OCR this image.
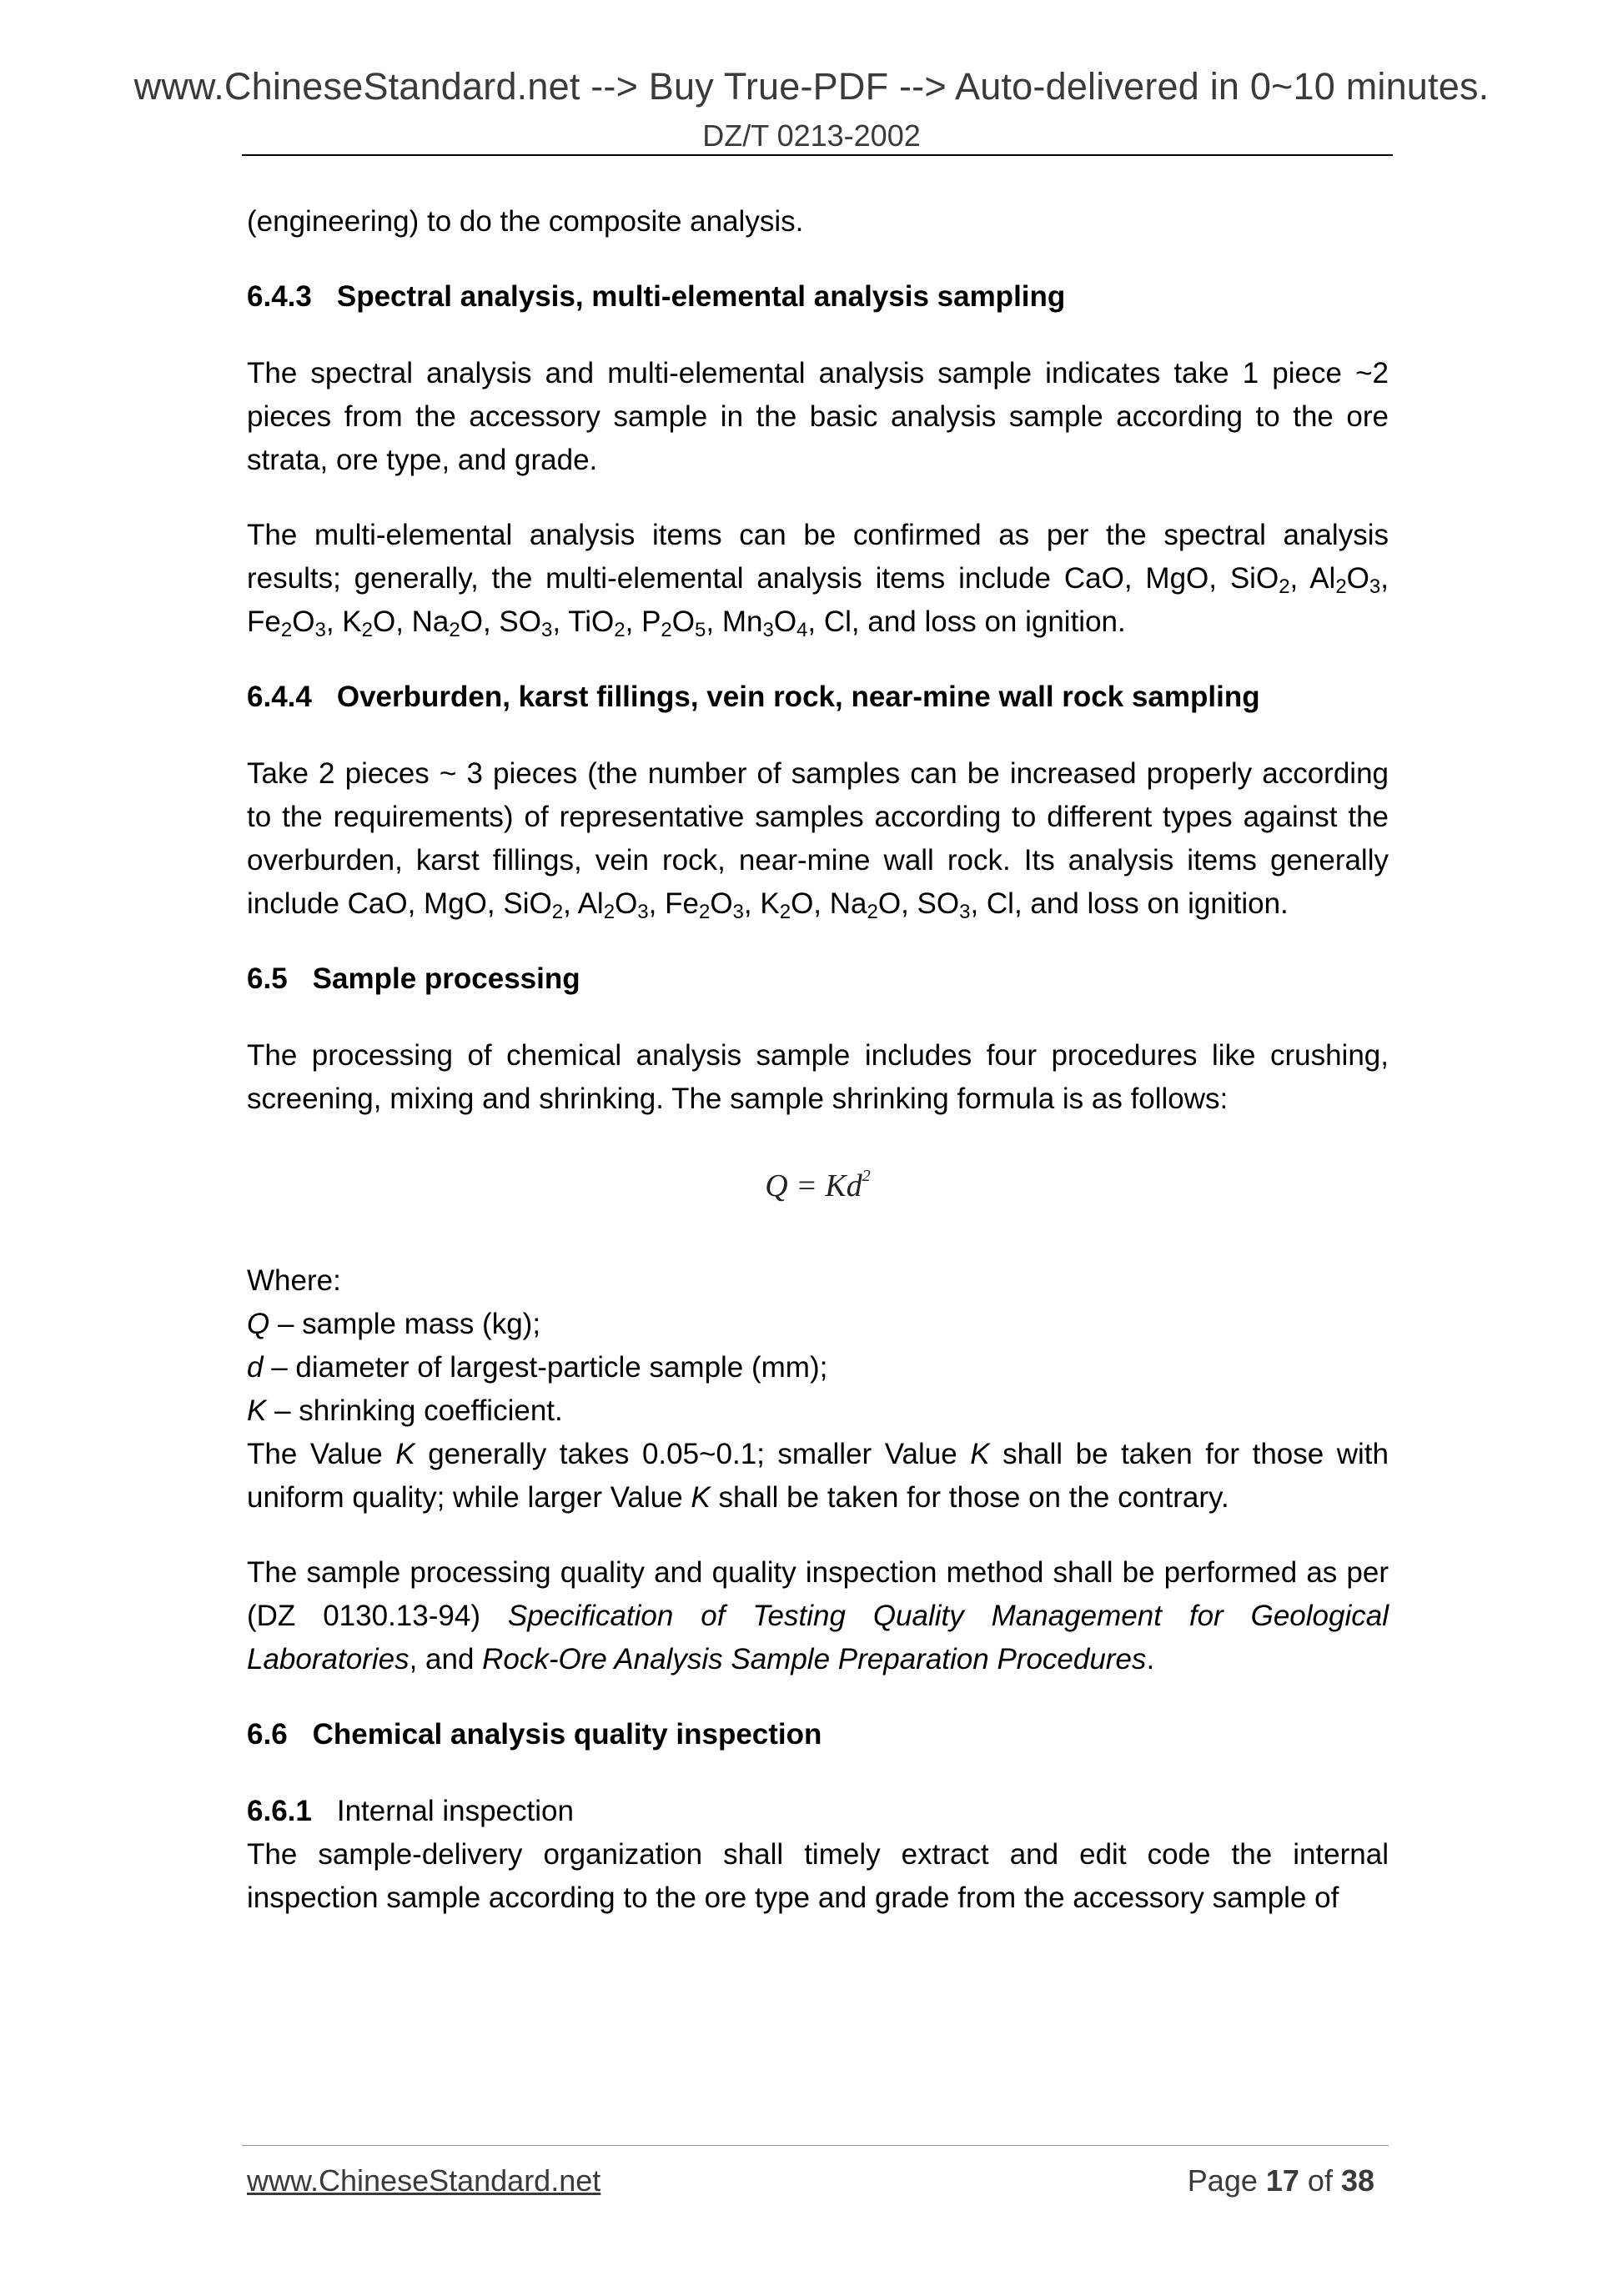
www.ChineseStandard.net --> Buy True-PDF --> Auto-delivered in 0~10 minutes.
DZ/T 0213-2002

(engineering) to do the composite analysis.

6.4.3 Spectral analysis, multi-elemental analysis sampling

The spectral analysis and multi-elemental analysis sample indicates take 1 piece ~2 pieces from the accessory sample in the basic analysis sample according to the ore strata, ore type, and grade.

The multi-elemental analysis items can be confirmed as per the spectral analysis results; generally, the multi-elemental analysis items include CaO, MgO, SiO$_2$, $Al_2O_3$, $Fe_2O_3$, $K_2O$, $Na_2O$, $SO_3$, TiO$_2$, $P_2O_5$, $Mn_3O_4$, Cl, and loss on ignition.

6.4.4 Overburden, karst fillings, vein rock, near-mine wall rock sampling

Take 2 pieces ~ 3 pieces (the number of samples can be increased properly according to the requirements) of representative samples according to different types against the overburden, karst fillings, vein rock, near-mine wall rock. Its analysis items generally include CaO, MgO, SiO$_2$, $Al_2O_3$, $Fe_2O_3$, $K_2O$, $Na_2O$, $SO_3$, Cl, and loss on ignition.

6.5 Sample processing

The processing of chemical analysis sample includes four procedures like crushing, screening, mixing and shrinking. The sample shrinking formula is as follows:

$Q = Kd^2$

Where:

Q – sample mass (kg);

d – diameter of largest-particle sample (mm);

K – shrinking coefficient.

The Value K generally takes 0.05~0.1; smaller Value K shall be taken for those with uniform quality; while larger Value K shall be taken for those on the contrary.

The sample processing quality and quality inspection method shall be performed as per (DZ 0130.13-94) Specification of Testing Quality Management for Geological Laboratories, and Rock-Ore Analysis Sample Preparation Procedures.

6.6 Chemical analysis quality inspection

6.6.1 Internal inspection

The sample-delivery organization shall timely extract and edit code the internal inspection sample according to the ore type and grade from the accessory sample of

www.ChineseStandard.net	Page 17 of 38
